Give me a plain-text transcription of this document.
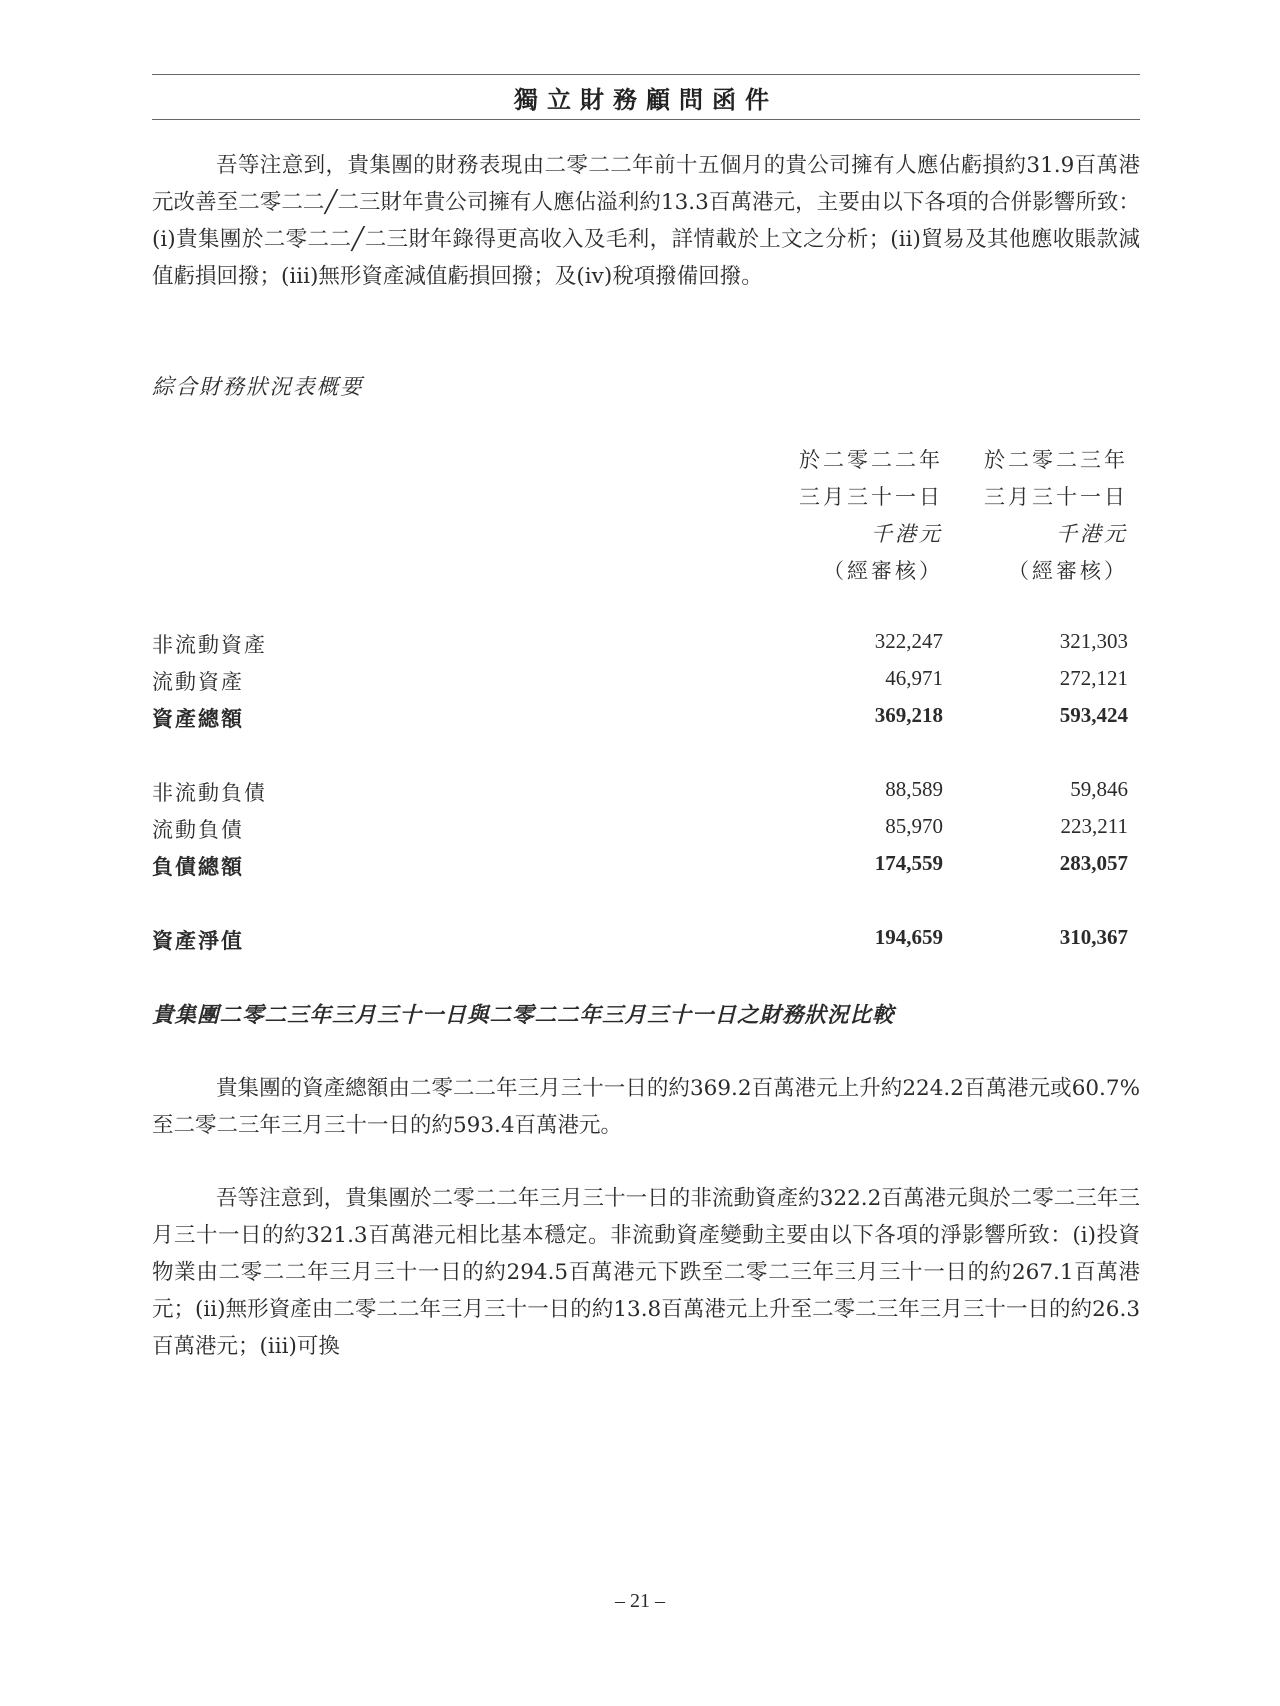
獨立財務顧問函件

吾等注意到，貴集團的財務表現由二零二二年前十五個月的貴公司擁有人應佔虧損約31.9百萬港元改善至二零二二╱二三財年貴公司擁有人應佔溢利約13.3百萬港元，主要由以下各項的合併影響所致：(i)貴集團於二零二二╱二三財年錄得更高收入及毛利，詳情載於上文之分析；(ii)貿易及其他應收賬款減值虧損回撥；(iii)無形資產減值虧損回撥；及(iv)稅項撥備回撥。

綜合財務狀況表概要

於二零二二年 於二零二三年
三月三十一日 三月三十一日
千港元	千港元
（經審核）	（經審核）
非流動資產	322,247	321,303
流動資產	46,971	272,121
資產總額	369,218	593,424
非流動負債	88,589	59,846
流動負債	85,970	223,211
負債總額	174,559	283,057
資產淨值	194,659	310,367
貴集團二零二三年三月三十一日與二零二二年三月三十一日之財務狀況比較

貴集團的資產總額由二零二二年三月三十一日的約369.2百萬港元上升約224.2百萬港元或60.7%至二零二三年三月三十一日的約593.4百萬港元。

吾等注意到，貴集團於二零二二年三月三十一日的非流動資產約322.2百萬港元與於二零二三年三月三十一日的約321.3百萬港元相比基本穩定。非流動資產變動主要由以下各項的淨影響所致：(i)投資物業由二零二二年三月三十一日的約294.5百萬港元下跌至二零二三年三月三十一日的約267.1百萬港元；(ii)無形資產由二零二二年三月三十一日的約13.8百萬港元上升至二零二三年三月三十一日的約26.3百萬港元；(iii)可換

– 21 –
